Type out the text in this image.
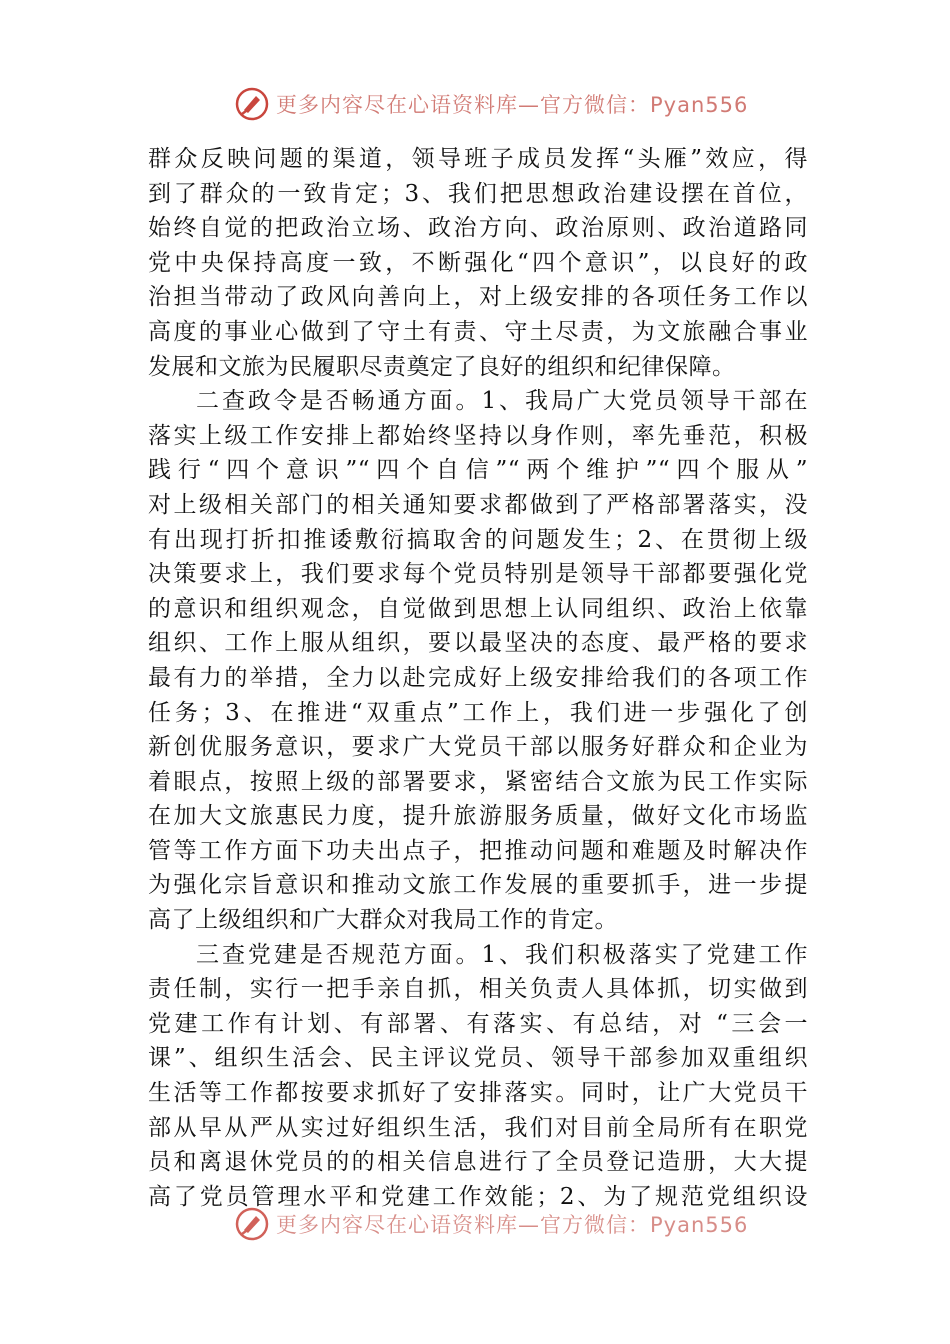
更多内容尽在心语资料库—官方微信：Pyan556
群众反映问题的渠道，领导班子成员发挥“头雁”效应，得
到了群众的一致肯定；3、我们把思想政治建设摆在首位，
始终自觉的把政治立场、政治方向、政治原则、政治道路同
党中央保持高度一致，不断强化“四个意识”，以良好的政
治担当带动了政风向善向上，对上级安排的各项任务工作以
高度的事业心做到了守土有责、守土尽责，为文旅融合事业
发展和文旅为民履职尽责奠定了良好的组织和纪律保障。
二查政令是否畅通方面。1、我局广大党员领导干部在
落实上级工作安排上都始终坚持以身作则，率先垂范，积极
践行“四个意识”“四个自信”“两个维护”“四个服从”
对上级相关部门的相关通知要求都做到了严格部署落实，没
有出现打折扣推诿敷衍搞取舍的问题发生；2、在贯彻上级
决策要求上，我们要求每个党员特别是领导干部都要强化党
的意识和组织观念，自觉做到思想上认同组织、政治上依靠
组织、工作上服从组织，要以最坚决的态度、最严格的要求
最有力的举措，全力以赴完成好上级安排给我们的各项工作
任务；3、在推进“双重点”工作上，我们进一步强化了创
新创优服务意识，要求广大党员干部以服务好群众和企业为
着眼点，按照上级的部署要求，紧密结合文旅为民工作实际
在加大文旅惠民力度，提升旅游服务质量，做好文化市场监
管等工作方面下功夫出点子，把推动问题和难题及时解决作
为强化宗旨意识和推动文旅工作发展的重要抓手，进一步提
高了上级组织和广大群众对我局工作的肯定。
三查党建是否规范方面。1、我们积极落实了党建工作
责任制，实行一把手亲自抓，相关负责人具体抓，切实做到
党建工作有计划、有部署、有落实、有总结，对 “三会一
课”、组织生活会、民主评议党员、领导干部参加双重组织
生活等工作都按要求抓好了安排落实。同时，让广大党员干
部从早从严从实过好组织生活，我们对目前全局所有在职党
员和离退休党员的的相关信息进行了全员登记造册，大大提
高了党员管理水平和党建工作效能；2、为了规范党组织设
更多内容尽在心语资料库—官方微信：Pyan556
